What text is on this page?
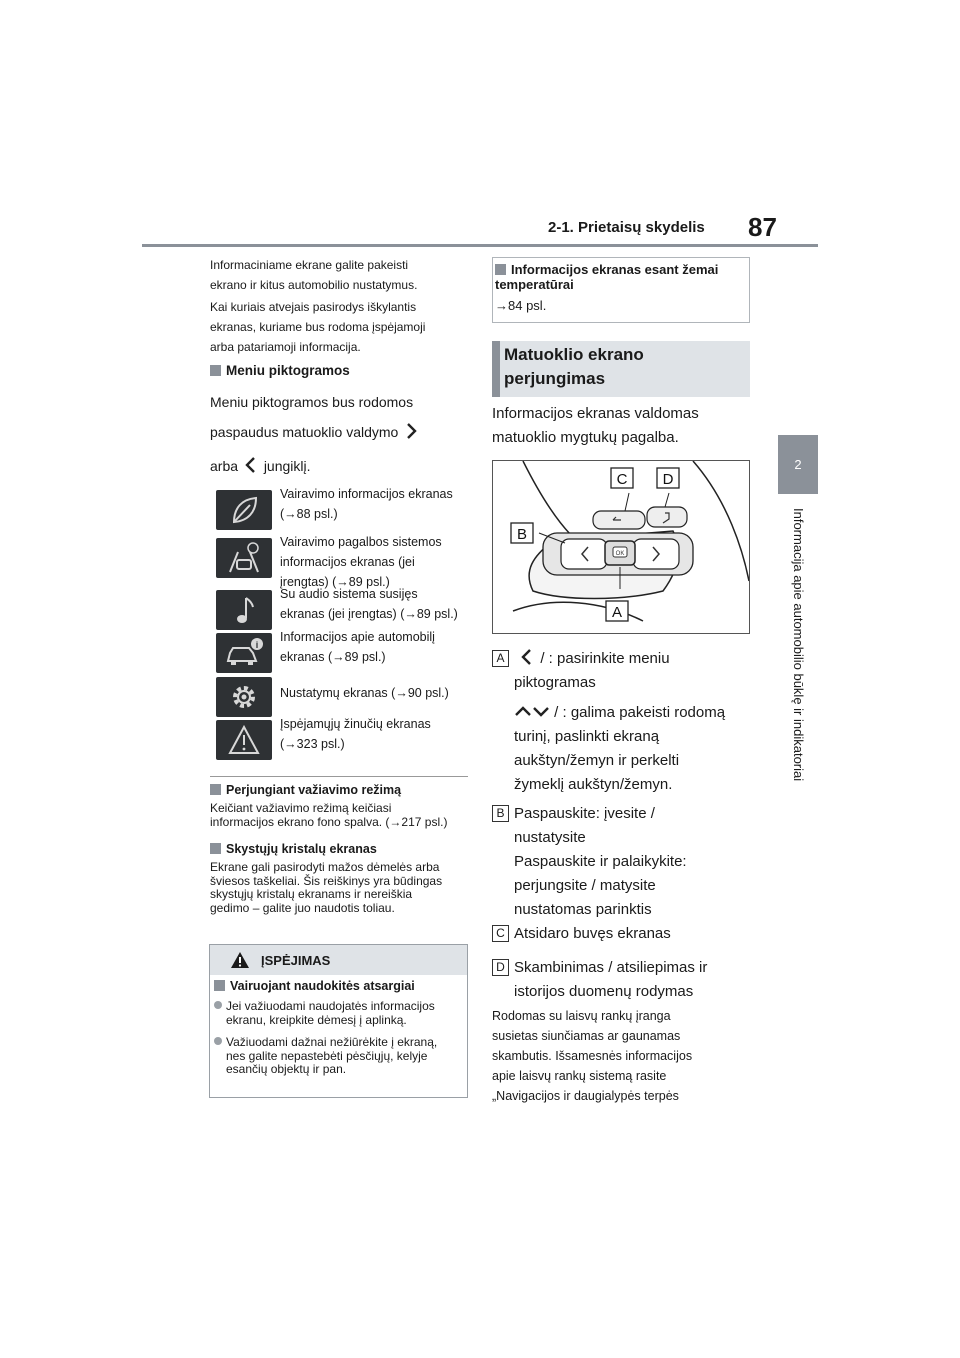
2-1. Prietaisų skydelis 87
2
Informacija apie automobilio būklę ir indikatoriai
Informaciniame ekrane galite pakeisti
ekrano ir kitus automobilio nustatymus.
Kai kuriais atvejais pasirodys iškylantis
ekranas, kuriame bus rodoma įspėjamoji
arba patariamoji informacija.
Meniu piktogramos
Meniu piktogramos bus rodomos
paspaudus matuoklio valdymo
arba jungiklį.
Vairavimo informacijos ekranas
(→88 psl.)
Vairavimo pagalbos sistemos
informacijos ekranas (jei
įrengtas) (→89 psl.)
Su audio sistema susijęs
ekranas (jei įrengtas) (→89 psl.)
i
Informacijos apie automobilį
ekranas (→89 psl.)
Nustatymų ekranas (→90 psl.)
Įspėjamųjų žinučių ekranas
(→323 psl.)
Perjungiant važiavimo režimą
Keičiant važiavimo režimą keičiasi
informacijos ekrano fono spalva. (→217 psl.)
Skystųjų kristalų ekranas
Ekrane gali pasirodyti mažos dėmelės arba
šviesos taškeliai. Šis reiškinys yra būdingas
skystųjų kristalų ekranams ir nereiškia
gedimo – galite juo naudotis toliau.
ĮSPĖJIMAS
Vairuojant naudokitės atsargiai
Jei važiuodami naudojatės informacijos
ekranu, kreipkite dėmesį į aplinką.
Važiuodami dažnai nežiūrėkite į ekraną,
nes galite nepastebėti pėsčiųjų, kelyje
esančių objektų ir pan.
Informacijos ekranas esant žemai temperatūrai
→84 psl.
Matuoklio ekrano perjungimas
Informacijos ekranas valdomas
matuoklio mygtukų pagalba.
OK
C D
B
A
A  / : pasirinkite meniu
piktogramas
/ : galima pakeisti rodomą
turinį, paslinkti ekraną
aukštyn/žemyn ir perkelti
žymeklį aukštyn/žemyn.
B Paspauskite: įvesite /
nustatysite
Paspauskite ir palaikykite:
perjungsite / matysite
nustatomas parinktis
C Atsidaro buvęs ekranas
D Skambinimas / atsiliepimas ir
istorijos duomenų rodymas
Rodomas su laisvų rankų įranga
susietas siunčiamas ar gaunamas
skambutis. Išsamesnės informacijos
apie laisvų rankų sistemą rasite
„Navigacijos ir daugialypės terpės
